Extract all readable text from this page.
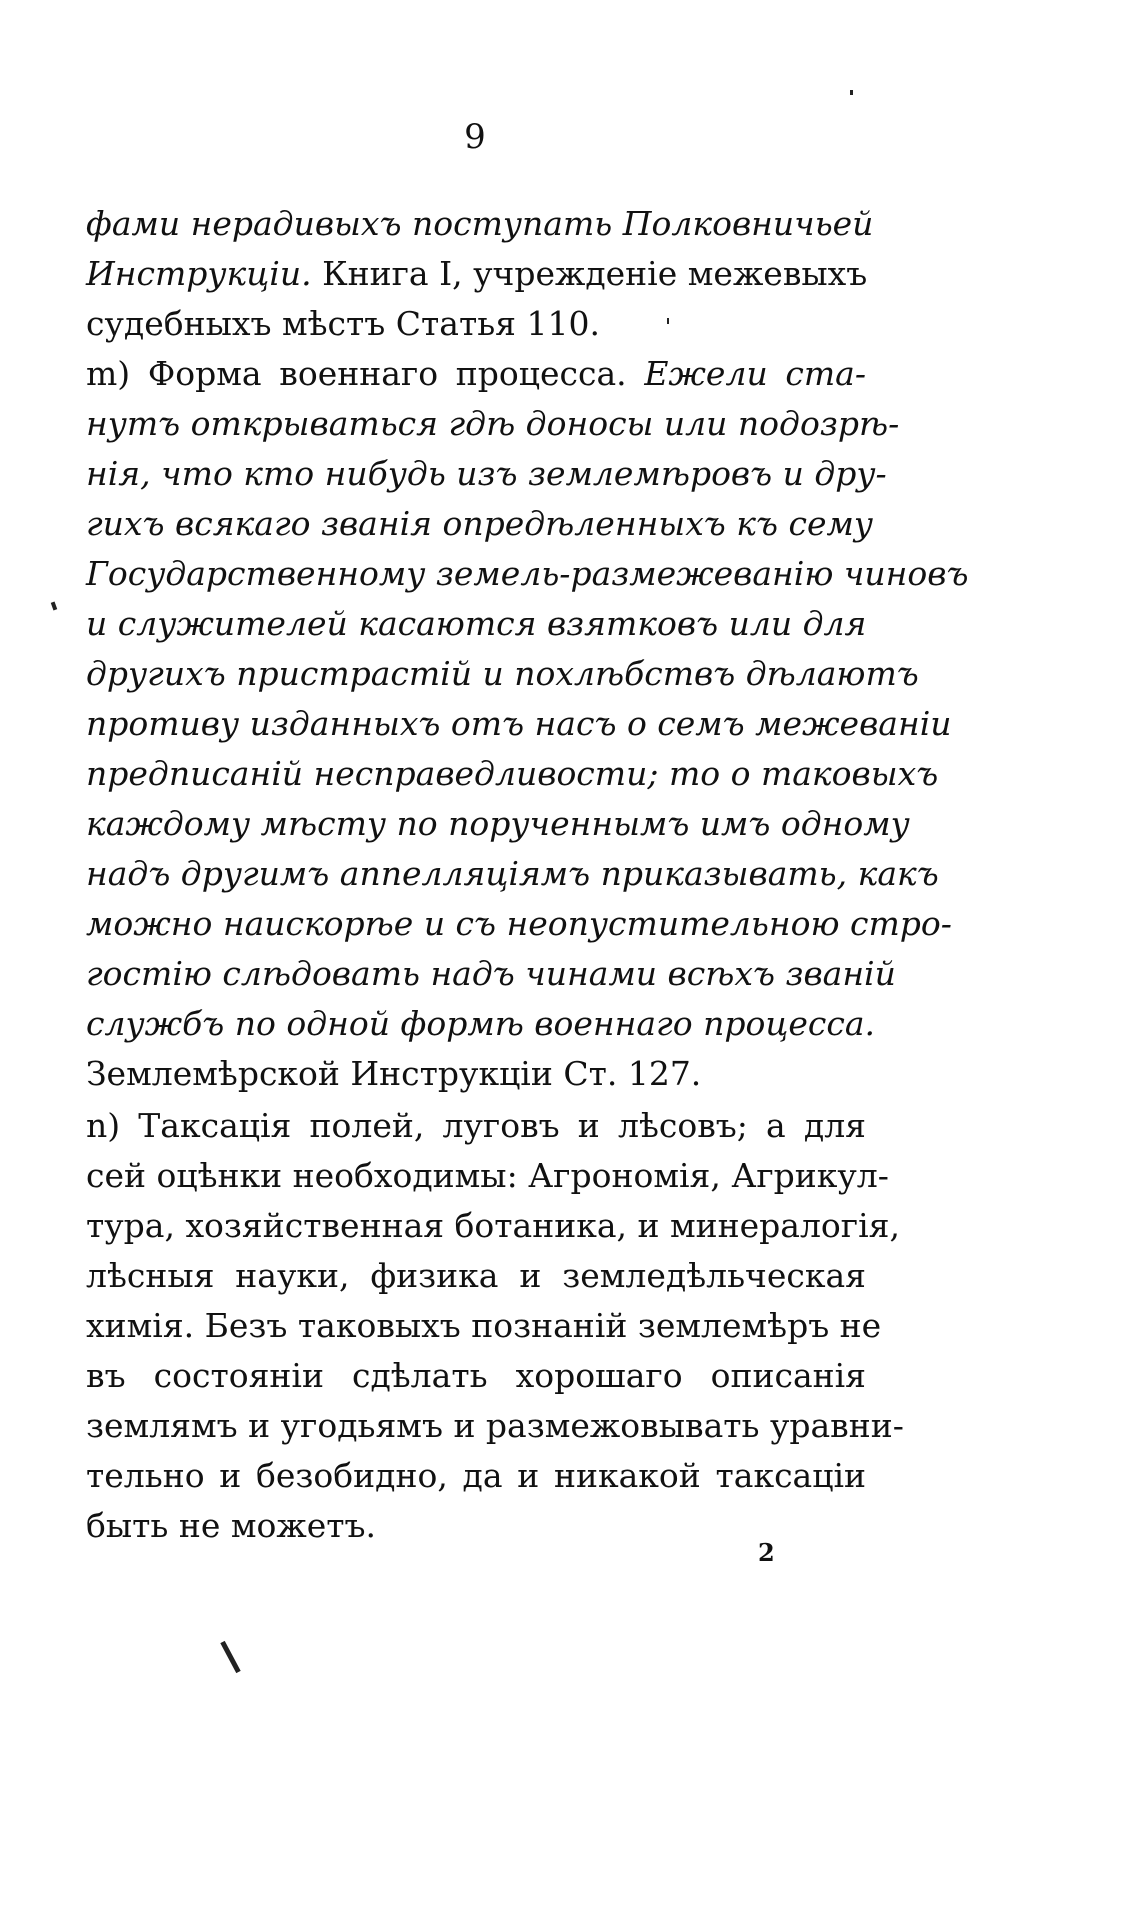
9
фами нерадивыхъ поступать Полковничьей
Инструкціи. Книга I, учрежденіе межевыхъ
судебныхъ мѣстъ Статья 110.
m) Форма военнаго процесса. Ежели ста-
нутъ открываться гдѣ доносы или подозрѣ-
нія, что кто нибудь изъ землемѣровъ и дру-
гихъ всякаго званія опредѣленныхъ къ сему
Государственному земель-размежеванію чиновъ
и служителей касаются взятковъ или для
другихъ пристрастій и похлѣбствъ дѣлаютъ
противу изданныхъ отъ насъ о семъ межеваніи
предписаній несправедливости; то о таковыхъ
каждому мѣсту по порученнымъ имъ одному
надъ другимъ аппелляціямъ приказывать, какъ
можно наискорѣе и съ неопустительною стро-
гостію слѣдовать надъ чинами всѣхъ званій
службъ по одной формѣ военнаго процесса.
Землемѣрской Инструкціи Ст. 127.
n) Таксація полей, луговъ и лѣсовъ; а для
сей оцѣнки необходимы: Агрономія, Агрикул-
тура, хозяйственная ботаника, и минералогія,
лѣсныя науки, физика и земледѣльческая
химія. Безъ таковыхъ познаній землемѣръ не
въ состояніи сдѣлать хорошаго описанія
землямъ и угодьямъ и размежовывать уравни-
тельно и безобидно, да и никакой таксаціи
быть не можетъ.
2
